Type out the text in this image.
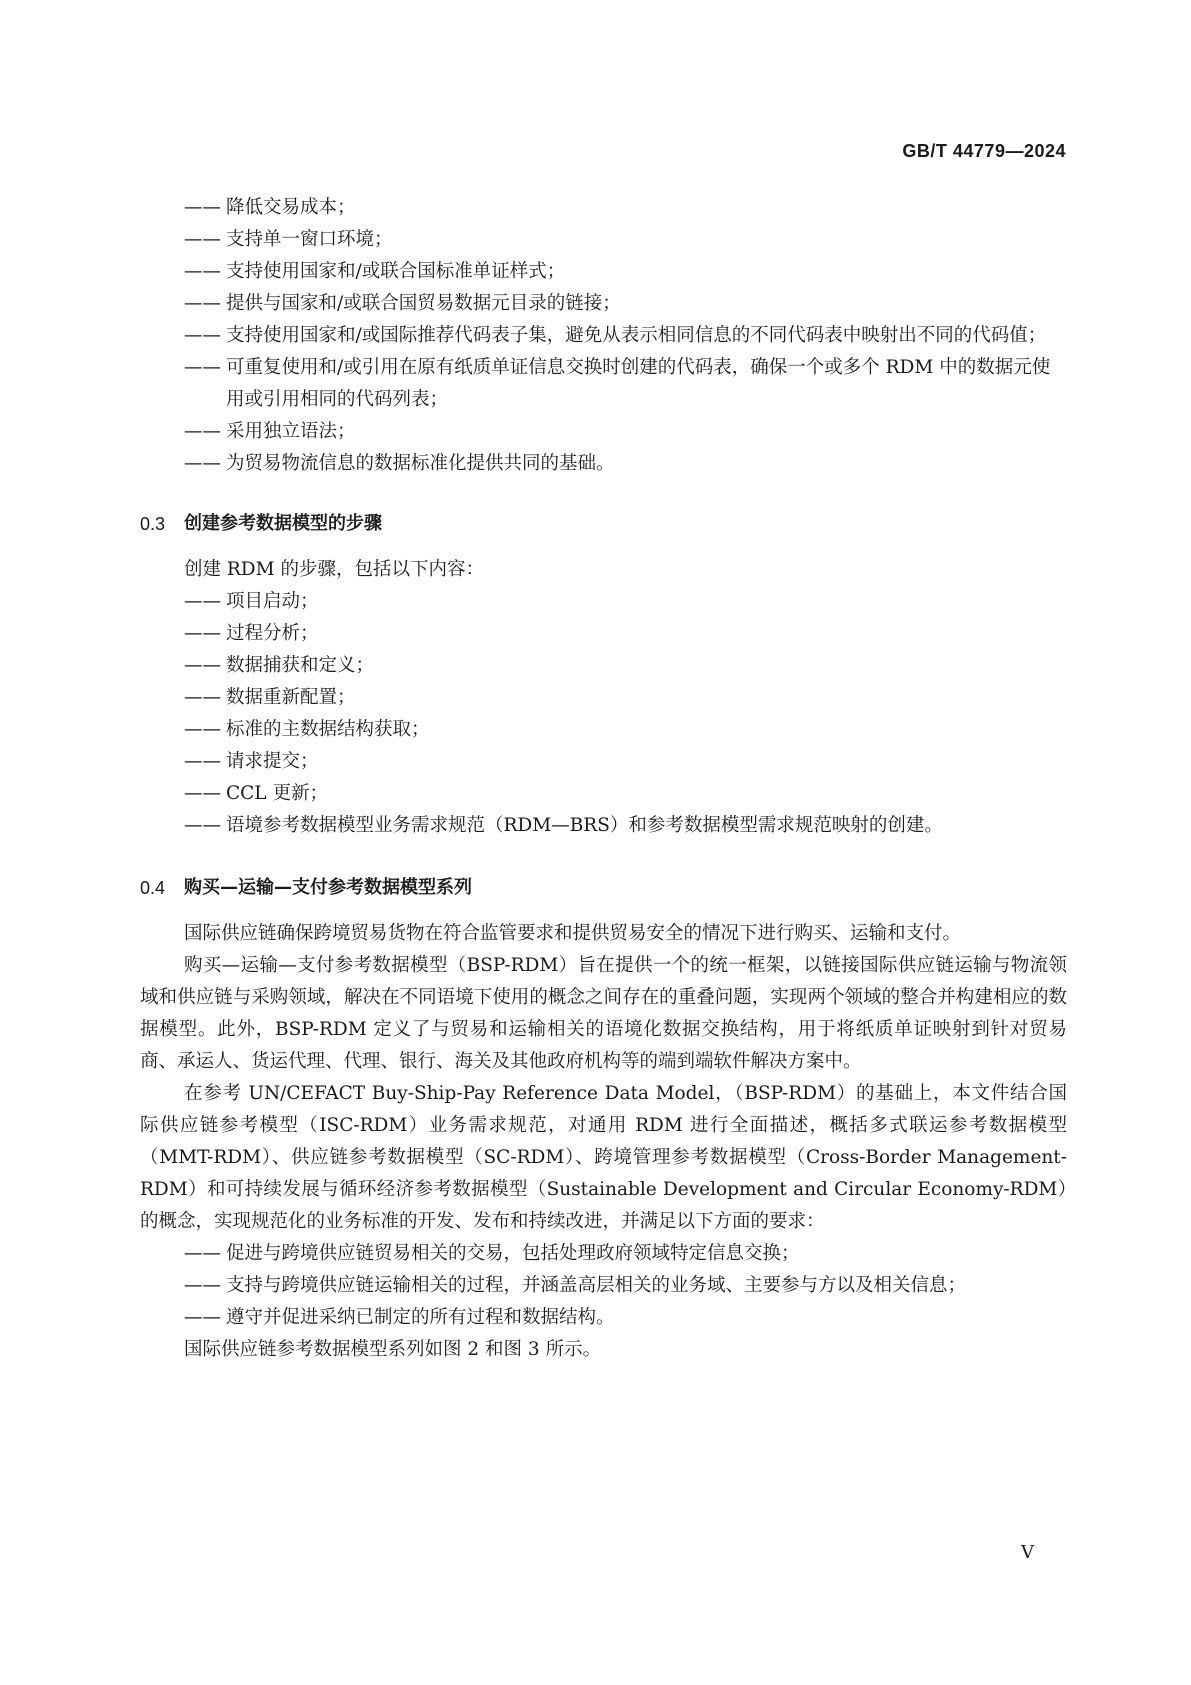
GB/T 44779—2024

—— 降低交易成本；

—— 支持单一窗口环境；

—— 支持使用国家和/或联合国标准单证样式；

—— 提供与国家和/或联合国贸易数据元目录的链接；

—— 支持使用国家和/或国际推荐代码表子集，避免从表示相同信息的不同代码表中映射出不同的代码值；

—— 可重复使用和/或引用在原有纸质单证信息交换时创建的代码表，确保一个或多个 RDM 中的数据元使用或引用相同的代码列表；

—— 采用独立语法；

—— 为贸易物流信息的数据标准化提供共同的基础。

0.3	创建参考数据模型的步骤

创建 RDM 的步骤，包括以下内容：

—— 项目启动；

—— 过程分析；

—— 数据捕获和定义；

—— 数据重新配置；

—— 标准的主数据结构获取；

—— 请求提交；

—— CCL 更新；

—— 语境参考数据模型业务需求规范（RDM—BRS）和参考数据模型需求规范映射的创建。

0.4	购买—运输—支付参考数据模型系列

国际供应链确保跨境贸易货物在符合监管要求和提供贸易安全的情况下进行购买、运输和支付。

购买—运输—支付参考数据模型（BSP-RDM）旨在提供一个的统一框架，以链接国际供应链运输与物流领域和供应链与采购领域，解决在不同语境下使用的概念之间存在的重叠问题，实现两个领域的整合并构建相应的数据模型。此外，BSP-RDM 定义了与贸易和运输相关的语境化数据交换结构，用于将纸质单证映射到针对贸易商、承运人、货运代理、代理、银行、海关及其他政府机构等的端到端软件解决方案中。

在参考 UN/CEFACT Buy-Ship-Pay Reference Data Model，（BSP-RDM）的基础上，本文件结合国际供应链参考模型（ISC-RDM）业务需求规范，对通用 RDM 进行全面描述，概括多式联运参考数据模型（MMT-RDM）、供应链参考数据模型（SC-RDM）、跨境管理参考数据模型（Cross-Border Management-RDM）和可持续发展与循环经济参考数据模型（Sustainable Development and Circular Economy-RDM）的概念，实现规范化的业务标准的开发、发布和持续改进，并满足以下方面的要求：

—— 促进与跨境供应链贸易相关的交易，包括处理政府领域特定信息交换；

—— 支持与跨境供应链运输相关的过程，并涵盖高层相关的业务域、主要参与方以及相关信息；

—— 遵守并促进采纳已制定的所有过程和数据结构。

国际供应链参考数据模型系列如图 2 和图 3 所示。

V
